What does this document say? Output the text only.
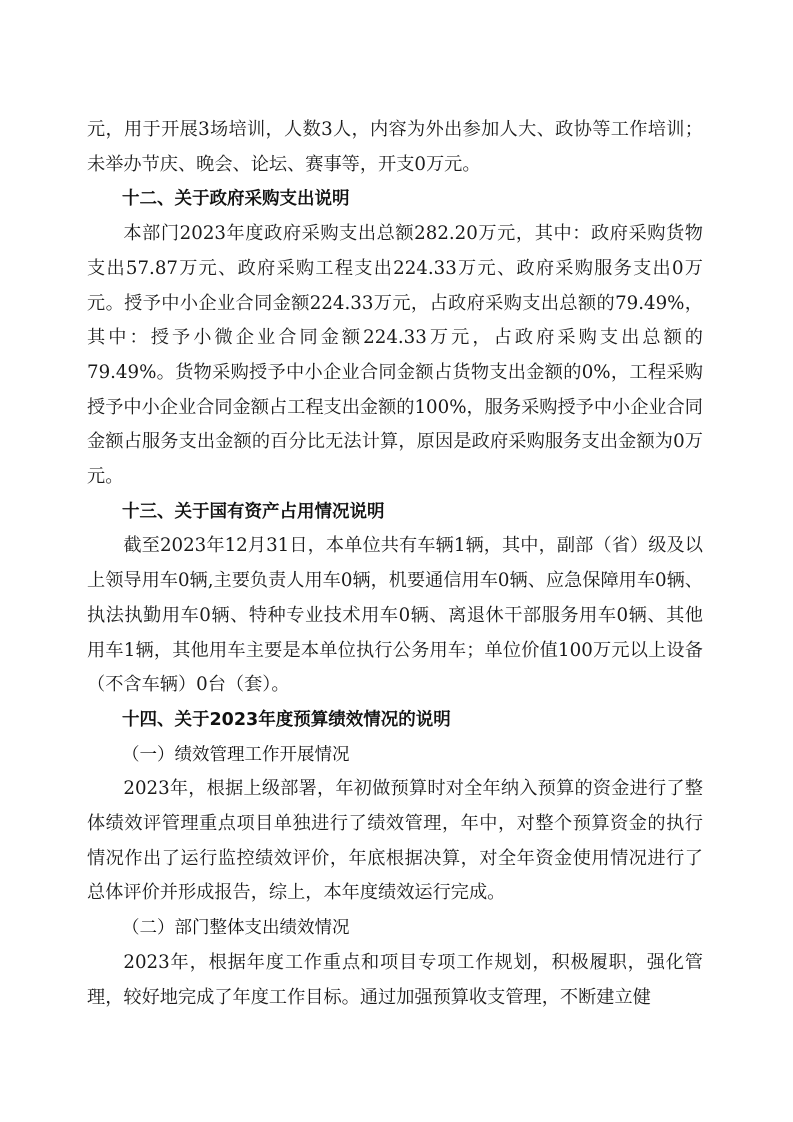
元，用于开展3场培训，人数3人，内容为外出参加人大、政协等工作培训；未举办节庆、晚会、论坛、赛事等，开支0万元。

十二、关于政府采购支出说明

本部门2023年度政府采购支出总额282.20万元，其中：政府采购货物支出57.87万元、政府采购工程支出224.33万元、政府采购服务支出0万元。授予中小企业合同金额224.33万元，占政府采购支出总额的79.49%，其中：授予小微企业合同金额224.33万元，占政府采购支出总额的79.49%。货物采购授予中小企业合同金额占货物支出金额的0%，工程采购授予中小企业合同金额占工程支出金额的100%，服务采购授予中小企业合同金额占服务支出金额的百分比无法计算，原因是政府采购服务支出金额为0万元。

十三、关于国有资产占用情况说明

截至2023年12月31日，本单位共有车辆1辆，其中，副部（省）级及以上领导用车0辆,主要负责人用车0辆，机要通信用车0辆、应急保障用车0辆、执法执勤用车0辆、特种专业技术用车0辆、离退休干部服务用车0辆、其他用车1辆，其他用车主要是本单位执行公务用车；单位价值100万元以上设备（不含车辆）0台（套）。

十四、关于2023年度预算绩效情况的说明

（一）绩效管理工作开展情况

2023年，根据上级部署，年初做预算时对全年纳入预算的资金进行了整体绩效评管理重点项目单独进行了绩效管理，年中，对整个预算资金的执行情况作出了运行监控绩效评价，年底根据决算，对全年资金使用情况进行了总体评价并形成报告，综上，本年度绩效运行完成。

（二）部门整体支出绩效情况

2023年，根据年度工作重点和项目专项工作规划，积极履职，强化管理，较好地完成了年度工作目标。通过加强预算收支管理，不断建立健
